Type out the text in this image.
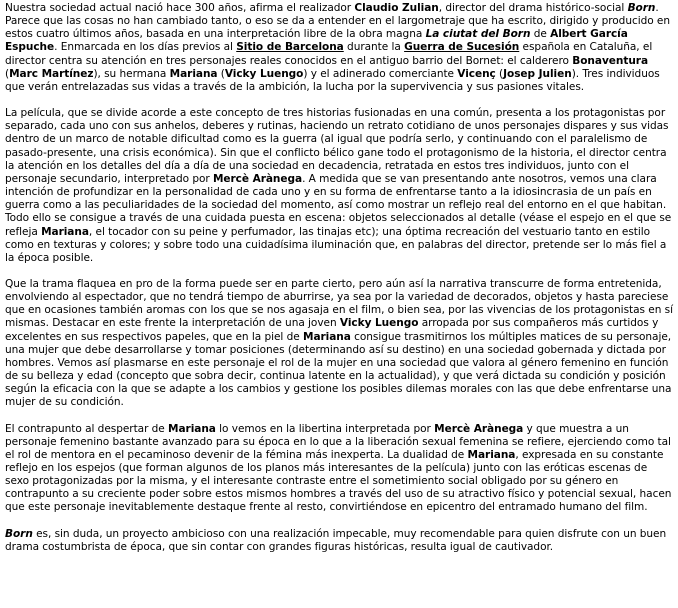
Nuestra sociedad actual nació hace 300 años, afirma el realizador Claudio Zulian, director del drama histórico-social Born. Parece que las cosas no han cambiado tanto, o eso se da a entender en el largometraje que ha escrito, dirigido y producido en estos cuatro últimos años, basada en una interpretación libre de la obra magna La ciutat del Born de Albert García Espuche. Enmarcada en los días previos al Sitio de Barcelona durante la Guerra de Sucesión española en Cataluña, el director centra su atención en tres personajes reales conocidos en el antiguo barrio del Bornet: el calderero Bonaventura (Marc Martínez), su hermana Mariana (Vicky Luengo) y el adinerado comerciante Vicenç (Josep Julien). Tres individuos que verán entrelazadas sus vidas a través de la ambición, la lucha por la supervivencia y sus pasiones vitales.

La película, que se divide acorde a este concepto de tres historias fusionadas en una común, presenta a los protagonistas por separado, cada uno con sus anhelos, deberes y rutinas, haciendo un retrato cotidiano de unos personajes dispares y sus vidas dentro de un marco de notable dificultad como es la guerra (al igual que podría serlo, y continuando con el paralelismo de pasado-presente, una crisis económica). Sin que el conflicto bélico gane todo el protagonismo de la historia, el director centra la atención en los detalles del día a día de una sociedad en decadencia, retratada en estos tres individuos, junto con el personaje secundario, interpretado por Mercè Arànega. A medida que se van presentando ante nosotros, vemos una clara intención de profundizar en la personalidad de cada uno y en su forma de enfrentarse tanto a la idiosincrasia de un país en guerra como a las peculiaridades de la sociedad del momento, así como mostrar un reflejo real del entorno en el que habitan. Todo ello se consigue a través de una cuidada puesta en escena: objetos seleccionados al detalle (véase el espejo en el que se refleja Mariana, el tocador con su peine y perfumador, las tinajas etc); una óptima recreación del vestuario tanto en estilo como en texturas y colores; y sobre todo una cuidadísima iluminación que, en palabras del director, pretende ser lo más fiel a la época posible.

Que la trama flaquea en pro de la forma puede ser en parte cierto, pero aún así la narrativa transcurre de forma entretenida, envolviendo al espectador, que no tendrá tiempo de aburrirse, ya sea por la variedad de decorados, objetos y hasta pareciese que en ocasiones también aromas con los que se nos agasaja en el film, o bien sea, por las vivencias de los protagonistas en sí mismas. Destacar en este frente la interpretación de una joven Vicky Luengo arropada por sus compañeros más curtidos y excelentes en sus respectivos papeles, que en la piel de Mariana consigue trasmitirnos los múltiples matices de su personaje, una mujer que debe desarrollarse y tomar posiciones (determinando así su destino) en una sociedad gobernada y dictada por hombres. Vemos así plasmarse en este personaje el rol de la mujer en una sociedad que valora al género femenino en función de su belleza y edad (concepto que sobra decir, continua latente en la actualidad), y que verá dictada su condición y posición según la eficacia con la que se adapte a los cambios y gestione los posibles dilemas morales con las que debe enfrentarse una mujer de su condición.

El contrapunto al despertar de Mariana lo vemos en la libertina interpretada por Mercè Arànega y que muestra a un personaje femenino bastante avanzado para su época en lo que a la liberación sexual femenina se refiere, ejerciendo como tal el rol de mentora en el pecaminoso devenir de la fémina más inexperta. La dualidad de Mariana, expresada en su constante reflejo en los espejos (que forman algunos de los planos más interesantes de la película) junto con las eróticas escenas de sexo protagonizadas por la misma, y el interesante contraste entre el sometimiento social obligado por su género en contrapunto a su creciente poder sobre estos mismos hombres a través del uso de su atractivo físico y potencial sexual, hacen que este personaje inevitablemente destaque frente al resto, convirtiéndose en epicentro del entramado humano del film.

Born es, sin duda, un proyecto ambicioso con una realización impecable, muy recomendable para quien disfrute con un buen drama costumbrista de época, que sin contar con grandes figuras históricas, resulta igual de cautivador.
